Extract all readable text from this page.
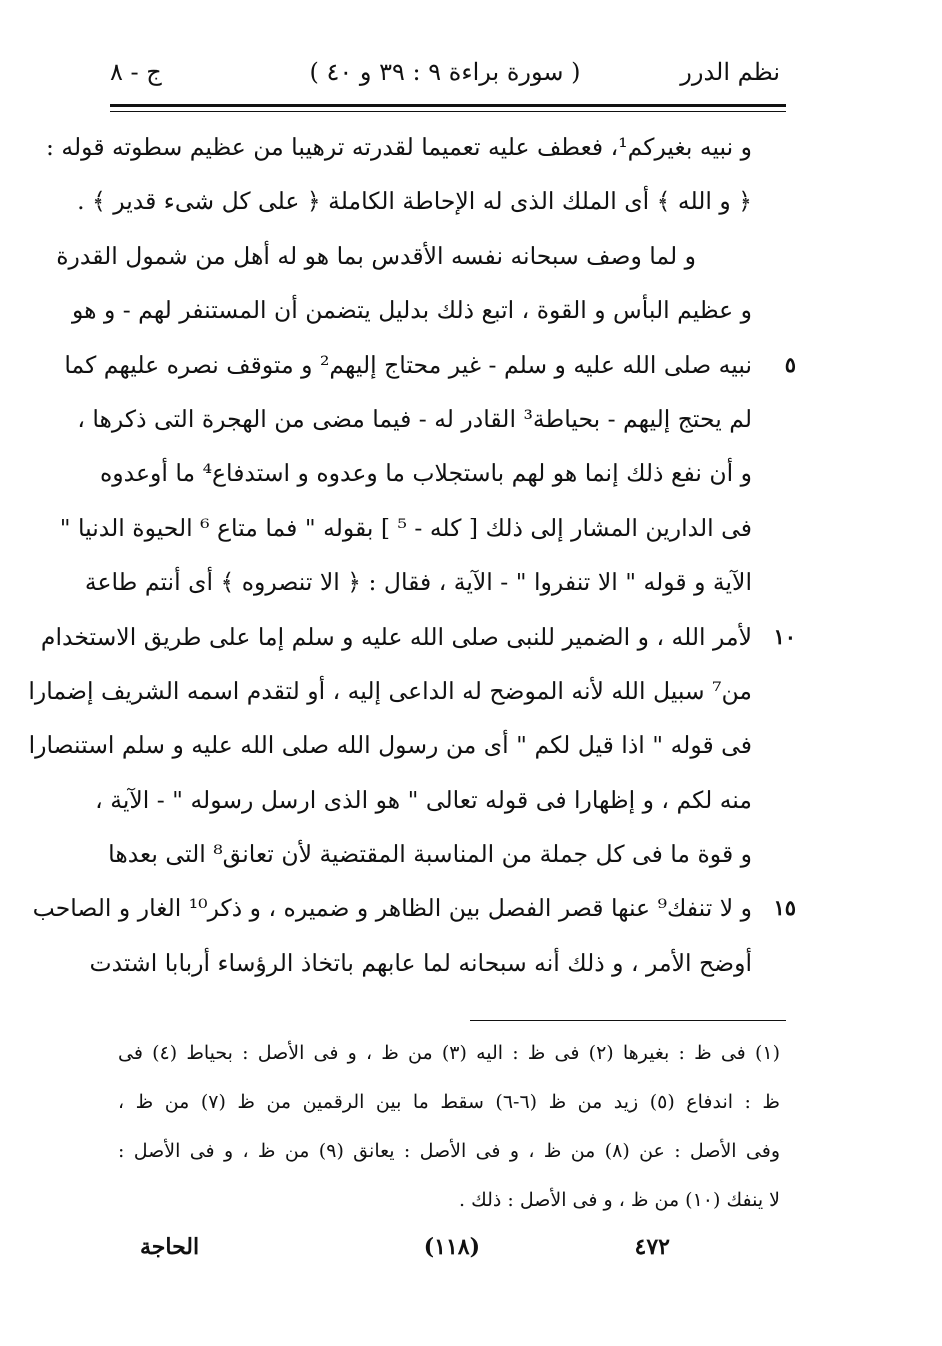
نظم الدرر
( سورة براءة ٩ : ٣٩ و ٤٠ )
ج - ٨
و نبيه بغيركم¹، فعطف عليه تعميما لقدرته ترهيبا من عظيم سطوته قوله :
﴿ و الله ﴾ أى الملك الذى له الإحاطة الكاملة ﴿ على كل شىء قدير ﴾ .
و لما وصف سبحانه نفسه الأقدس بما هو له أهل من شمول القدرة
و عظيم البأس و القوة ، اتبع ذلك بدليل يتضمن أن المستنفر لهم - و هو
٥
نبيه صلى الله عليه و سلم - غير محتاج إليهم² و متوقف نصره عليهم كما
لم يحتج إليهم - بحياطة³ القادر له - فيما مضى من الهجرة التى ذكرها ،
و أن نفع ذلك إنما هو لهم باستجلاب ما وعدوه و استدفاع⁴ ما أوعدوه
فى الدارين المشار إلى ذلك [ كله - ⁵ ] بقوله " فما متاع ⁶ الحيوة الدنيا "
الآية و قوله " الا تنفروا " - الآية ، فقال : ﴿ الا تنصروه ﴾ أى أنتم طاعة
١٠
لأمر الله ، و الضمير للنبى صلى الله عليه و سلم إما على طريق الاستخدام
من⁷ سبيل الله لأنه الموضح له الداعى إليه ، أو لتقدم اسمه الشريف إضمارا
فى قوله " اذا قيل لكم " أى من رسول الله صلى الله عليه و سلم استنصارا
منه لكم ، و إظهارا فى قوله تعالى " هو الذى ارسل رسوله " - الآية ،
و قوة ما فى كل جملة من المناسبة المقتضية لأن تعانق⁸ التى بعدها
١٥
و لا تنفك⁹ عنها قصر الفصل بين الظاهر و ضميره ، و ذكر¹⁰ الغار و الصاحب
أوضح الأمر ، و ذلك أنه سبحانه لما عابهم باتخاذ الرؤساء أربابا اشتدت
(١) فى ظ : بغيرها (٢) فى ظ : اليه (٣) من ظ ، و فى الأصل : بحياط (٤) فى
ظ : اندفاع (٥) زيد من ظ (٦-٦) سقط ما بين الرقمين من ظ (٧) من ظ ،
وفى الأصل : عن (٨) من ظ ، و فى الأصل : يعانق (٩) من ظ ، و فى الأصل :
لا ينفك (١٠) من ظ ، و فى الأصل : ذلك .
٤٧٢
(١١٨)
الحاجة
